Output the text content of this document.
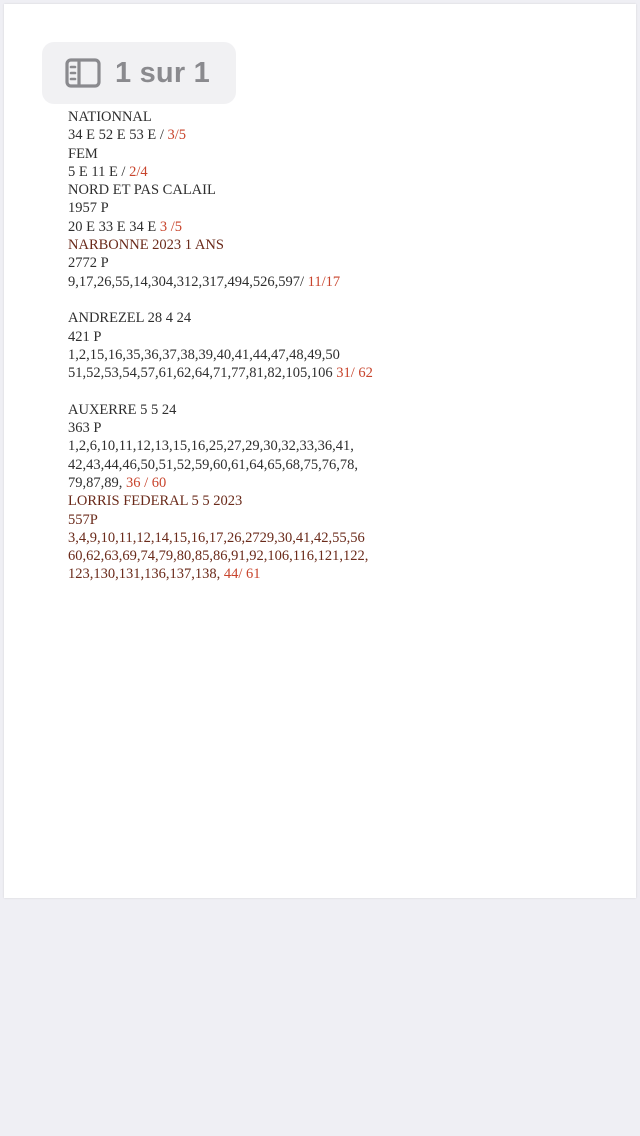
1 sur 1
NATIONNAL
34 E 52 E 53 E / 3/5
FEM
5 E 11 E / 2/4
NORD ET PAS CALAIL
1957 P
20 E 33 E 34 E 3 /5
NARBONNE 2023 1 ANS
2772 P
9,17,26,55,14,304,312,317,494,526,597/ 11/17
ANDREZEL 28 4 24
421 P
1,2,15,16,35,36,37,38,39,40,41,44,47,48,49,50
51,52,53,54,57,61,62,64,71,77,81,82,105,106 31/ 62
AUXERRE 5 5 24
363 P
1,2,6,10,11,12,13,15,16,25,27,29,30,32,33,36,41,
42,43,44,46,50,51,52,59,60,61,64,65,68,75,76,78,
79,87,89, 36 / 60
LORRIS FEDERAL 5 5 2023
557P
3,4,9,10,11,12,14,15,16,17,26,2729,30,41,42,55,56
60,62,63,69,74,79,80,85,86,91,92,106,116,121,122,
123,130,131,136,137,138, 44/ 61
